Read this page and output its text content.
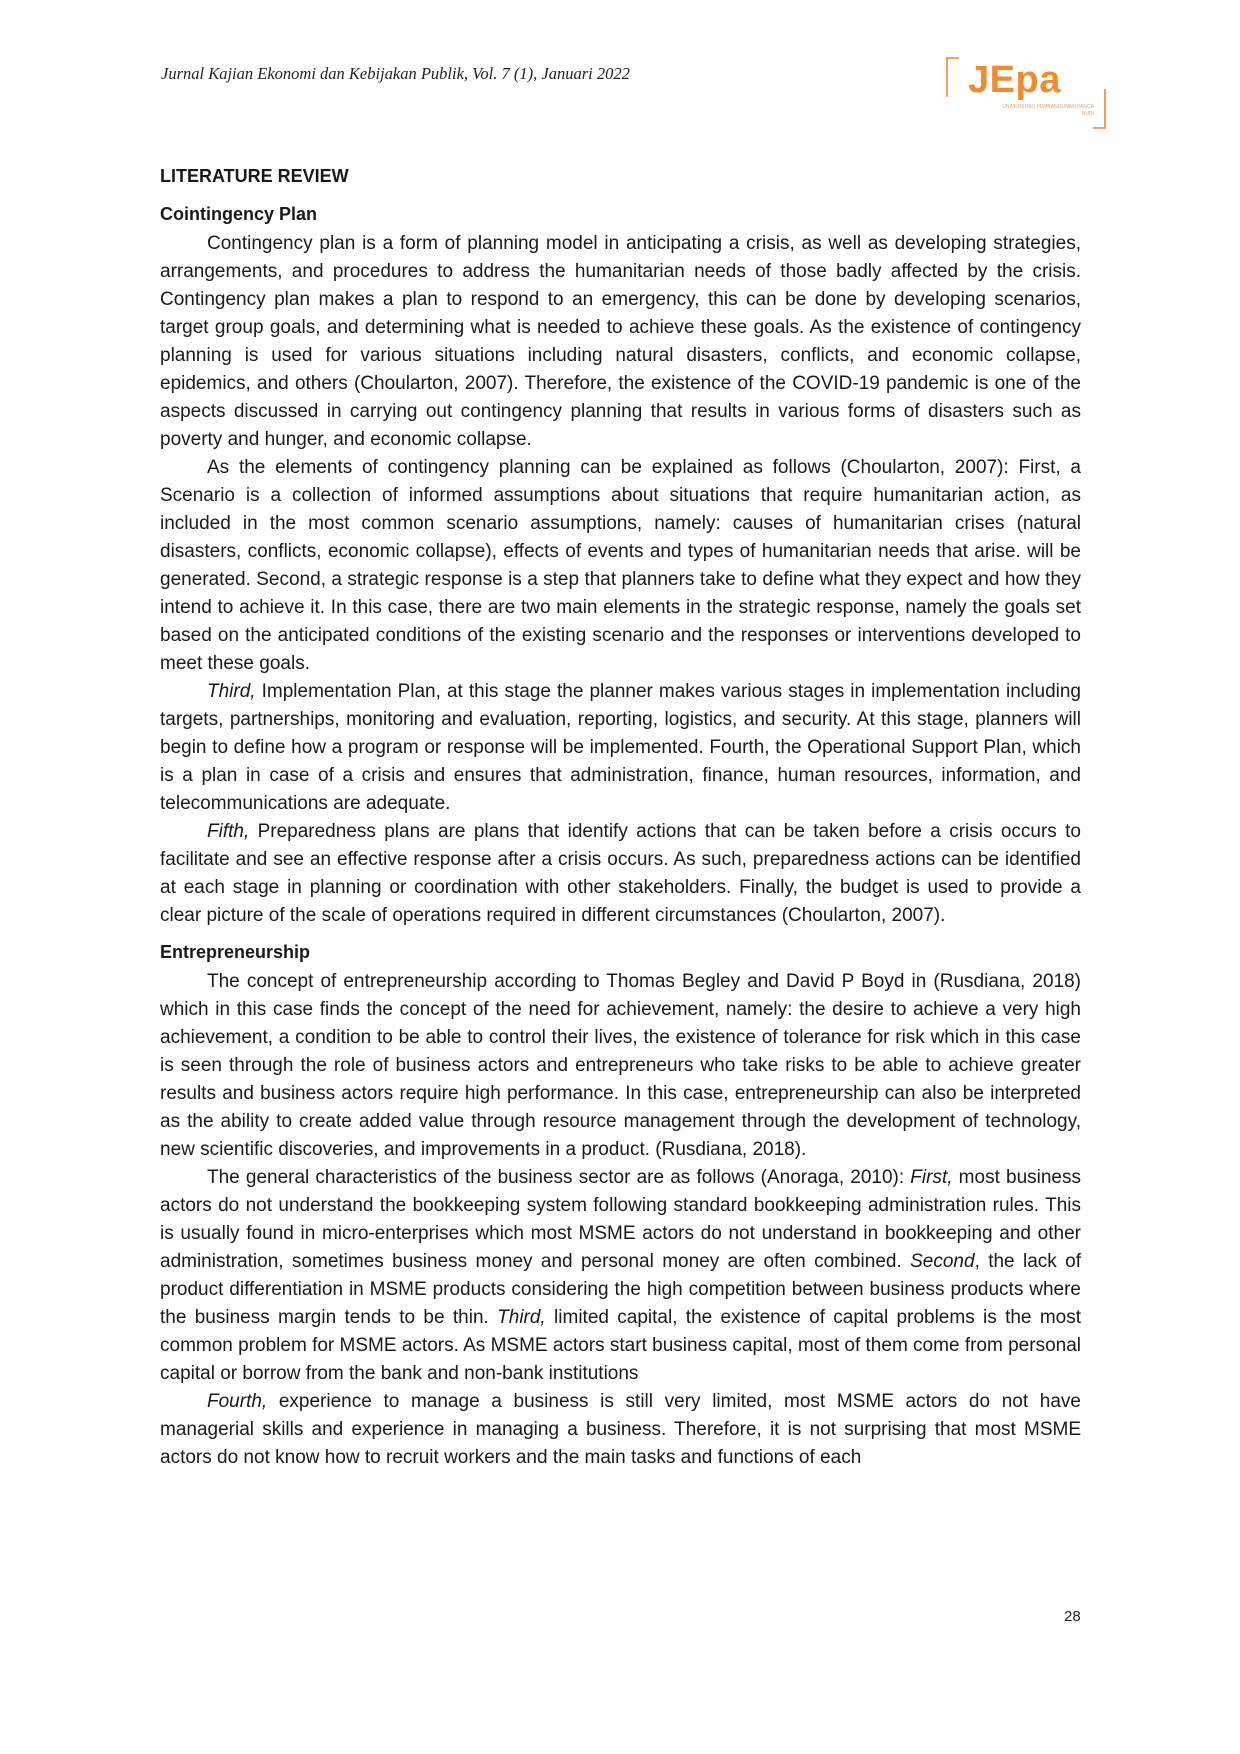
Jurnal Kajian Ekonomi dan Kebijakan Publik, Vol. 7 (1), Januari 2022	JEpa
UNIVERSITAS PEMBANGUNAN PANCA BUDI
LITERATURE REVIEW
Cointingency Plan

Contingency plan is a form of planning model in anticipating a crisis, as well as developing strategies, arrangements, and procedures to address the humanitarian needs of those badly affected by the crisis. Contingency plan makes a plan to respond to an emergency, this can be done by developing scenarios, target group goals, and determining what is needed to achieve these goals. As the existence of contingency planning is used for various situations including natural disasters, conflicts, and economic collapse, epidemics, and others (Choularton, 2007). Therefore, the existence of the COVID-19 pandemic is one of the aspects discussed in carrying out contingency planning that results in various forms of disasters such as poverty and hunger, and economic collapse.

As the elements of contingency planning can be explained as follows (Choularton, 2007): First, a Scenario is a collection of informed assumptions about situations that require humanitarian action, as included in the most common scenario assumptions, namely: causes of humanitarian crises (natural disasters, conflicts, economic collapse), effects of events and types of humanitarian needs that arise. will be generated. Second, a strategic response is a step that planners take to define what they expect and how they intend to achieve it. In this case, there are two main elements in the strategic response, namely the goals set based on the anticipated conditions of the existing scenario and the responses or interventions developed to meet these goals.

Third, Implementation Plan, at this stage the planner makes various stages in implementation including targets, partnerships, monitoring and evaluation, reporting, logistics, and security. At this stage, planners will begin to define how a program or response will be implemented. Fourth, the Operational Support Plan, which is a plan in case of a crisis and ensures that administration, finance, human resources, information, and telecommunications are adequate.

Fifth, Preparedness plans are plans that identify actions that can be taken before a crisis occurs to facilitate and see an effective response after a crisis occurs. As such, preparedness actions can be identified at each stage in planning or coordination with other stakeholders. Finally, the budget is used to provide a clear picture of the scale of operations required in different circumstances (Choularton, 2007).

Entrepreneurship

The concept of entrepreneurship according to Thomas Begley and David P Boyd in (Rusdiana, 2018) which in this case finds the concept of the need for achievement, namely: the desire to achieve a very high achievement, a condition to be able to control their lives, the existence of tolerance for risk which in this case is seen through the role of business actors and entrepreneurs who take risks to be able to achieve greater results and business actors require high performance. In this case, entrepreneurship can also be interpreted as the ability to create added value through resource management through the development of technology, new scientific discoveries, and improvements in a product. (Rusdiana, 2018).

The general characteristics of the business sector are as follows (Anoraga, 2010): First, most business actors do not understand the bookkeeping system following standard bookkeeping administration rules. This is usually found in micro-enterprises which most MSME actors do not understand in bookkeeping and other administration, sometimes business money and personal money are often combined. Second, the lack of product differentiation in MSME products considering the high competition between business products where the business margin tends to be thin. Third, limited capital, the existence of capital problems is the most common problem for MSME actors. As MSME actors start business capital, most of them come from personal capital or borrow from the bank and non-bank institutions

Fourth, experience to manage a business is still very limited, most MSME actors do not have managerial skills and experience in managing a business. Therefore, it is not surprising that most MSME actors do not know how to recruit workers and the main tasks and functions of each

28
